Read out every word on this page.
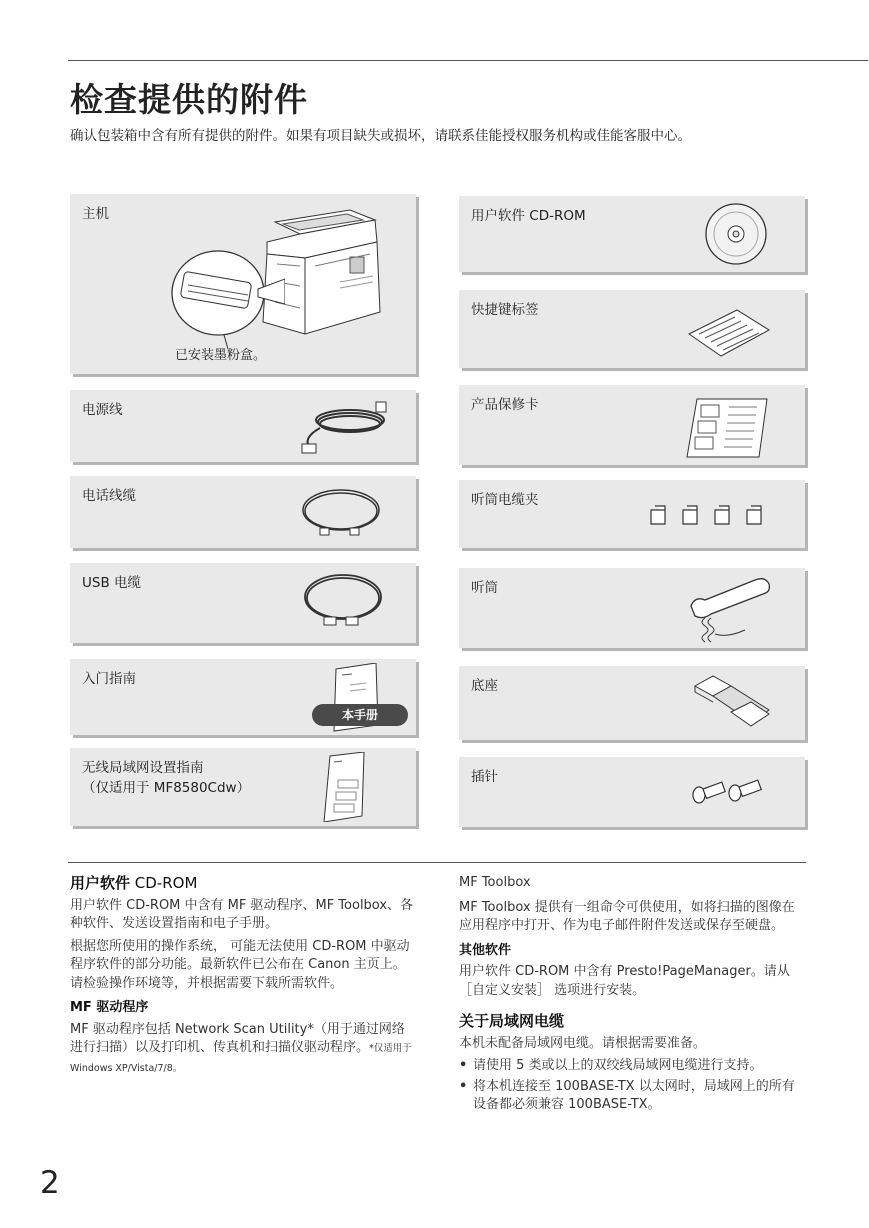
检查提供的附件
确认包装箱中含有所有提供的附件。如果有项目缺失或损坏，请联系佳能授权服务机构或佳能客服中心。
主机
已安装墨粉盒。
电源线
电话线缆
USB 电缆
入门指南
本手册
无线局域网设置指南
（仅适用于 MF8580Cdw）
用户软件 CD-ROM
快捷键标签
产品保修卡
听筒电缆夹
听筒
底座
插针
用户软件 CD-ROM

用户软件 CD-ROM 中含有 MF 驱动程序、MF Toolbox、各种软件、发送设置指南和电子手册。

根据您所使用的操作系统， 可能无法使用 CD-ROM 中驱动程序软件的部分功能。最新软件已公布在 Canon 主页上。请检验操作环境等，并根据需要下载所需软件。

MF 驱动程序

MF 驱动程序包括 Network Scan Utility*（用于通过网络进行扫描）以及打印机、传真机和扫描仪驱动程序。*仅适用于 Windows XP/Vista/7/8。

MF Toolbox

MF Toolbox 提供有一组命令可供使用，如将扫描的图像在应用程序中打开、作为电子邮件附件发送或保存至硬盘。

其他软件

用户软件 CD-ROM 中含有 Presto!PageManager。请从［自定义安装］ 选项进行安装。

关于局域网电缆

本机未配备局域网电缆。请根据需要准备。

• 请使用 5 类或以上的双绞线局域网电缆进行支持。
• 将本机连接至 100BASE-TX 以太网时，局域网上的所有设备都必须兼容 100BASE-TX。
2
